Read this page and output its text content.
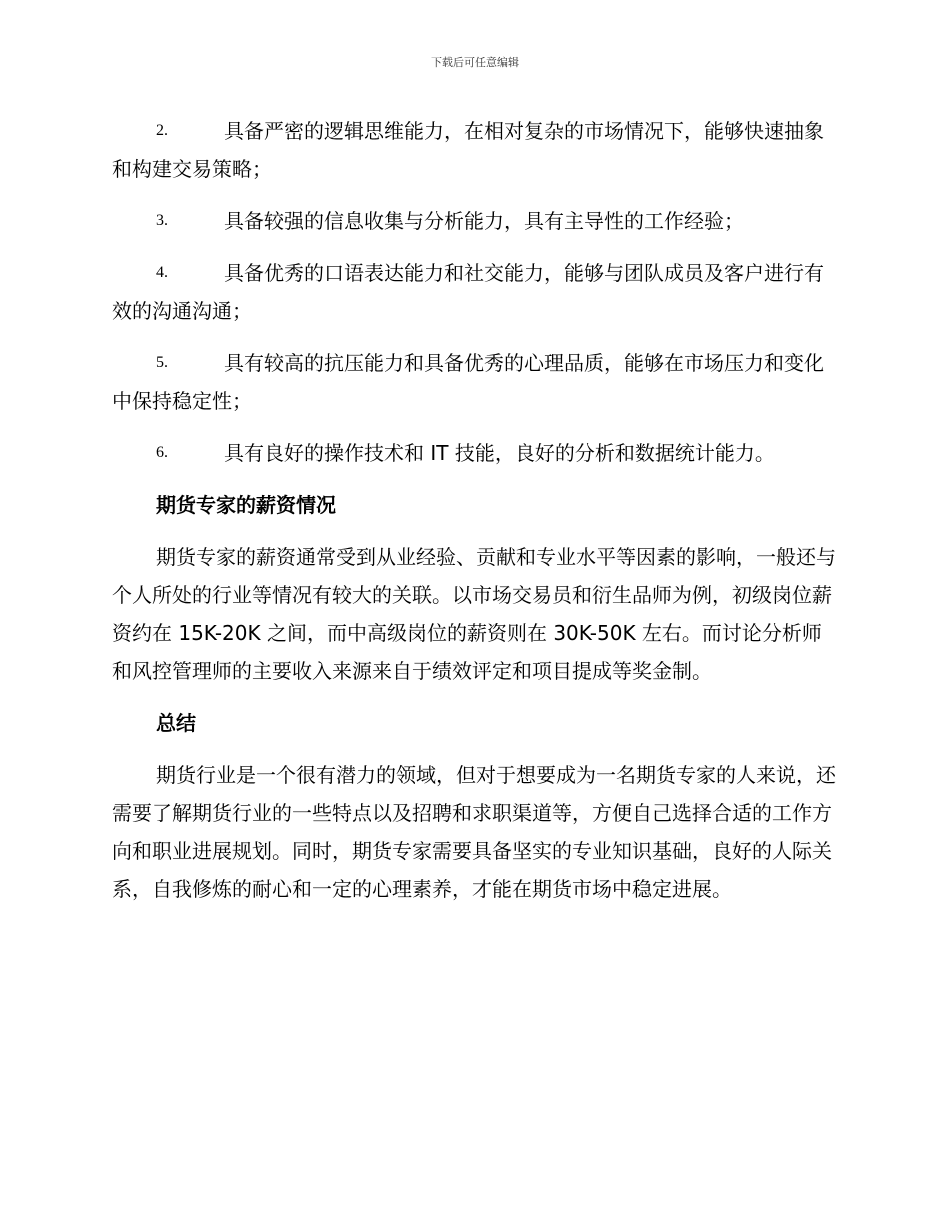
下载后可任意编辑
2.	具备严密的逻辑思维能力，在相对复杂的市场情况下，能够快速抽象和构建交易策略；
3.	具备较强的信息收集与分析能力，具有主导性的工作经验；
4.	具备优秀的口语表达能力和社交能力，能够与团队成员及客户进行有效的沟通沟通；
5.	具有较高的抗压能力和具备优秀的心理品质，能够在市场压力和变化中保持稳定性；
6.	具有良好的操作技术和 IT 技能，良好的分析和数据统计能力。
期货专家的薪资情况
期货专家的薪资通常受到从业经验、贡献和专业水平等因素的影响，一般还与个人所处的行业等情况有较大的关联。以市场交易员和衍生品师为例，初级岗位薪资约在 15K-20K 之间，而中高级岗位的薪资则在 30K-50K 左右。而讨论分析师和风控管理师的主要收入来源来自于绩效评定和项目提成等奖金制。
总结
期货行业是一个很有潜力的领域，但对于想要成为一名期货专家的人来说，还需要了解期货行业的一些特点以及招聘和求职渠道等，方便自己选择合适的工作方向和职业进展规划。同时，期货专家需要具备坚实的专业知识基础，良好的人际关系，自我修炼的耐心和一定的心理素养，才能在期货市场中稳定进展。
